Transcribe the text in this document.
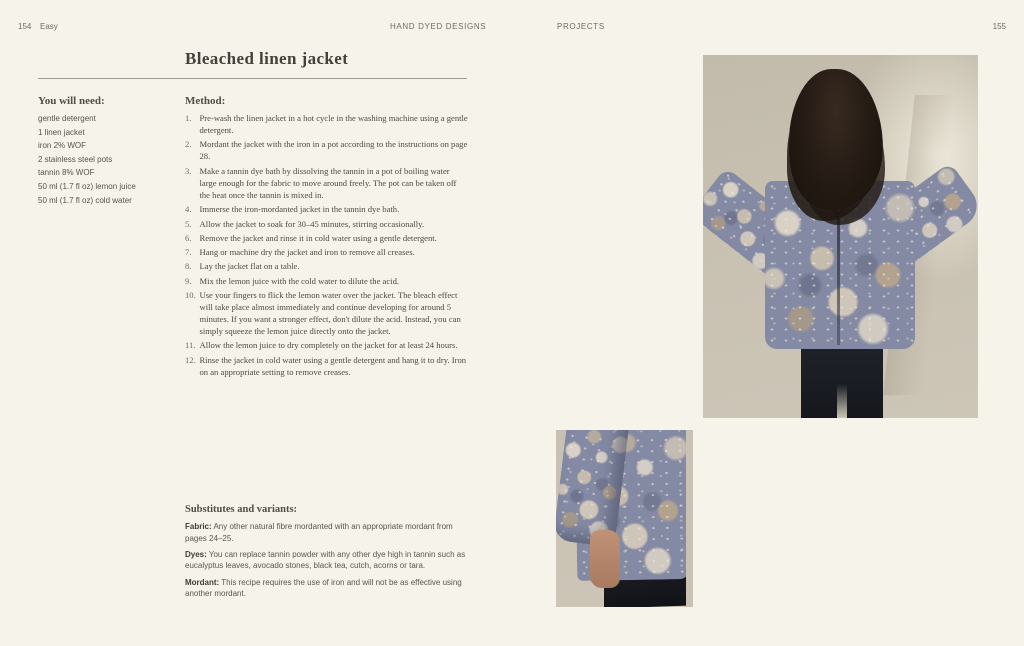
154 Easy	HAND DYED DESIGNS	PROJECTS	155
Bleached linen jacket
You will need:
gentle detergent
1 linen jacket
iron 2% WOF
2 stainless steel pots
tannin 8% WOF
50 ml (1.7 fl oz) lemon juice
50 ml (1.7 fl oz) cold water
Method:
Pre-wash the linen jacket in a hot cycle in the washing machine using a gentle detergent.
Mordant the jacket with the iron in a pot according to the instructions on page 28.
Make a tannin dye bath by dissolving the tannin in a pot of boiling water large enough for the fabric to move around freely. The pot can be taken off the heat once the tannin is mixed in.
Immerse the iron-mordanted jacket in the tannin dye bath.
Allow the jacket to soak for 30–45 minutes, stirring occasionally.
Remove the jacket and rinse it in cold water using a gentle detergent.
Hang or machine dry the jacket and iron to remove all creases.
Lay the jacket flat on a table.
Mix the lemon juice with the cold water to dilute the acid.
Use your fingers to flick the lemon water over the jacket. The bleach effect will take place almost immediately and continue developing for around 5 minutes. If you want a stronger effect, don't dilute the acid. Instead, you can simply squeeze the lemon juice directly onto the jacket.
Allow the lemon juice to dry completely on the jacket for at least 24 hours.
Rinse the jacket in cold water using a gentle detergent and hang it to dry. Iron on an appropriate setting to remove creases.
Substitutes and variants:

Fabric: Any other natural fibre mordanted with an appropriate mordant from pages 24–25.

Dyes: You can replace tannin powder with any other dye high in tannin such as eucalyptus leaves, avocado stones, black tea, cutch, acorns or tara.

Mordant: This recipe requires the use of iron and will not be as effective using another mordant.
